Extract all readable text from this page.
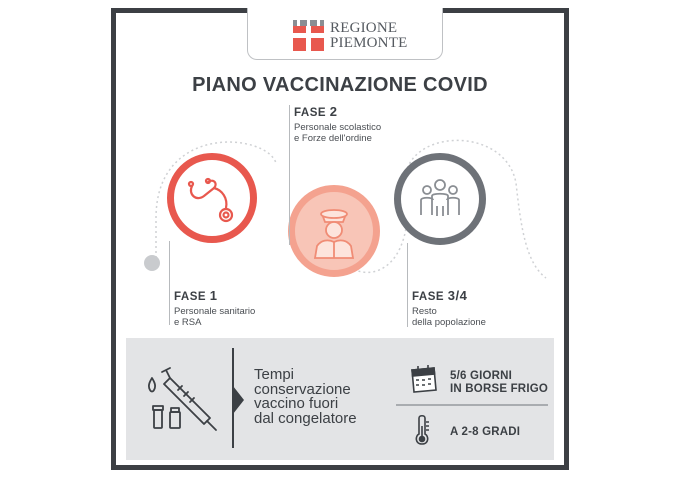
REGIONE
PIEMONTE
PIANO VACCINAZIONE COVID
FASE 2
Personale scolastico
e Forze dell'ordine
FASE 1
Personale sanitario
e RSA
FASE 3/4
Resto
della popolazione
Tempi
conservazione
vaccino fuori
dal congelatore
5/6 GIORNI
IN BORSE FRIGO
A 2-8 GRADI
